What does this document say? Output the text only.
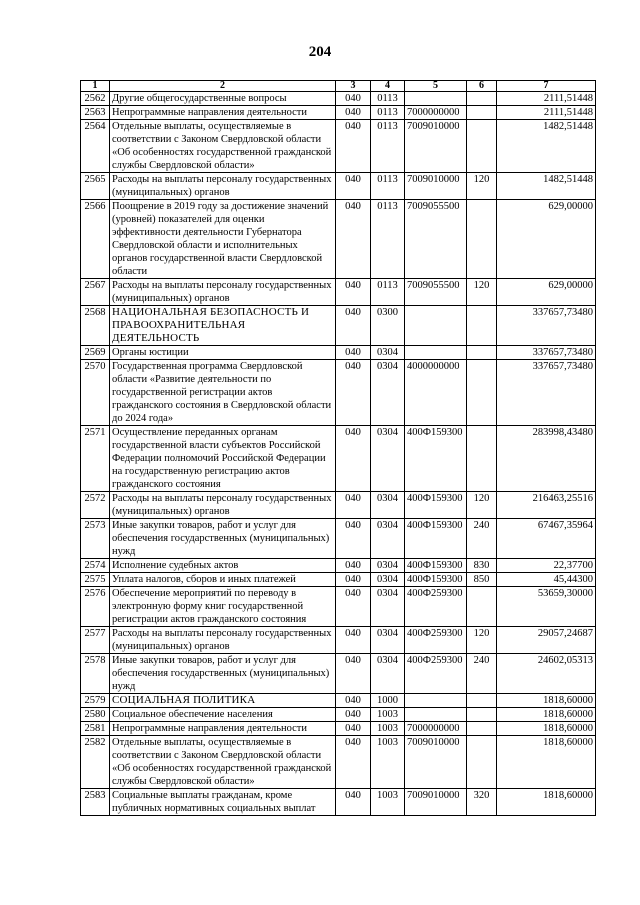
204
1	2	3	4	5	6	7
2562	Другие общегосударственные вопросы	040	0113			2111,51448
2563	Непрограммные направления деятельности	040	0113	7000000000		2111,51448
2564	Отдельные выплаты, осуществляемые в соответствии с Законом Свердловской области «Об особенностях государственной гражданской службы Свердловской области»	040	0113	7009010000		1482,51448
2565	Расходы на выплаты персоналу государственных (муниципальных) органов	040	0113	7009010000	120	1482,51448
2566	Поощрение в 2019 году за достижение значений (уровней) показателей для оценки эффективности деятельности Губернатора Свердловской области и исполнительных органов государственной власти Свердловской области	040	0113	7009055500		629,00000
2567	Расходы на выплаты персоналу государственных (муниципальных) органов	040	0113	7009055500	120	629,00000
2568	НАЦИОНАЛЬНАЯ БЕЗОПАСНОСТЬ И ПРАВООХРАНИТЕЛЬНАЯ ДЕЯТЕЛЬНОСТЬ	040	0300			337657,73480
2569	Органы юстиции	040	0304			337657,73480
2570	Государственная программа Свердловской области «Развитие деятельности по государственной регистрации актов гражданского состояния в Свердловской области до 2024 года»	040	0304	4000000000		337657,73480
2571	Осуществление переданных органам государственной власти субъектов Российской Федерации полномочий Российской Федерации на государственную регистрацию актов гражданского состояния	040	0304	400Ф159300		283998,43480
2572	Расходы на выплаты персоналу государственных (муниципальных) органов	040	0304	400Ф159300	120	216463,25516
2573	Иные закупки товаров, работ и услуг для обеспечения государственных (муниципальных) нужд	040	0304	400Ф159300	240	67467,35964
2574	Исполнение судебных актов	040	0304	400Ф159300	830	22,37700
2575	Уплата налогов, сборов и иных платежей	040	0304	400Ф159300	850	45,44300
2576	Обеспечение мероприятий по переводу в электронную форму книг государственной регистрации актов гражданского состояния	040	0304	400Ф259300		53659,30000
2577	Расходы на выплаты персоналу государственных (муниципальных) органов	040	0304	400Ф259300	120	29057,24687
2578	Иные закупки товаров, работ и услуг для обеспечения государственных (муниципальных) нужд	040	0304	400Ф259300	240	24602,05313
2579	СОЦИАЛЬНАЯ ПОЛИТИКА	040	1000			1818,60000
2580	Социальное обеспечение населения	040	1003			1818,60000
2581	Непрограммные направления деятельности	040	1003	7000000000		1818,60000
2582	Отдельные выплаты, осуществляемые в соответствии с Законом Свердловской области «Об особенностях государственной гражданской службы Свердловской области»	040	1003	7009010000		1818,60000
2583	Социальные выплаты гражданам, кроме публичных нормативных социальных выплат	040	1003	7009010000	320	1818,60000
